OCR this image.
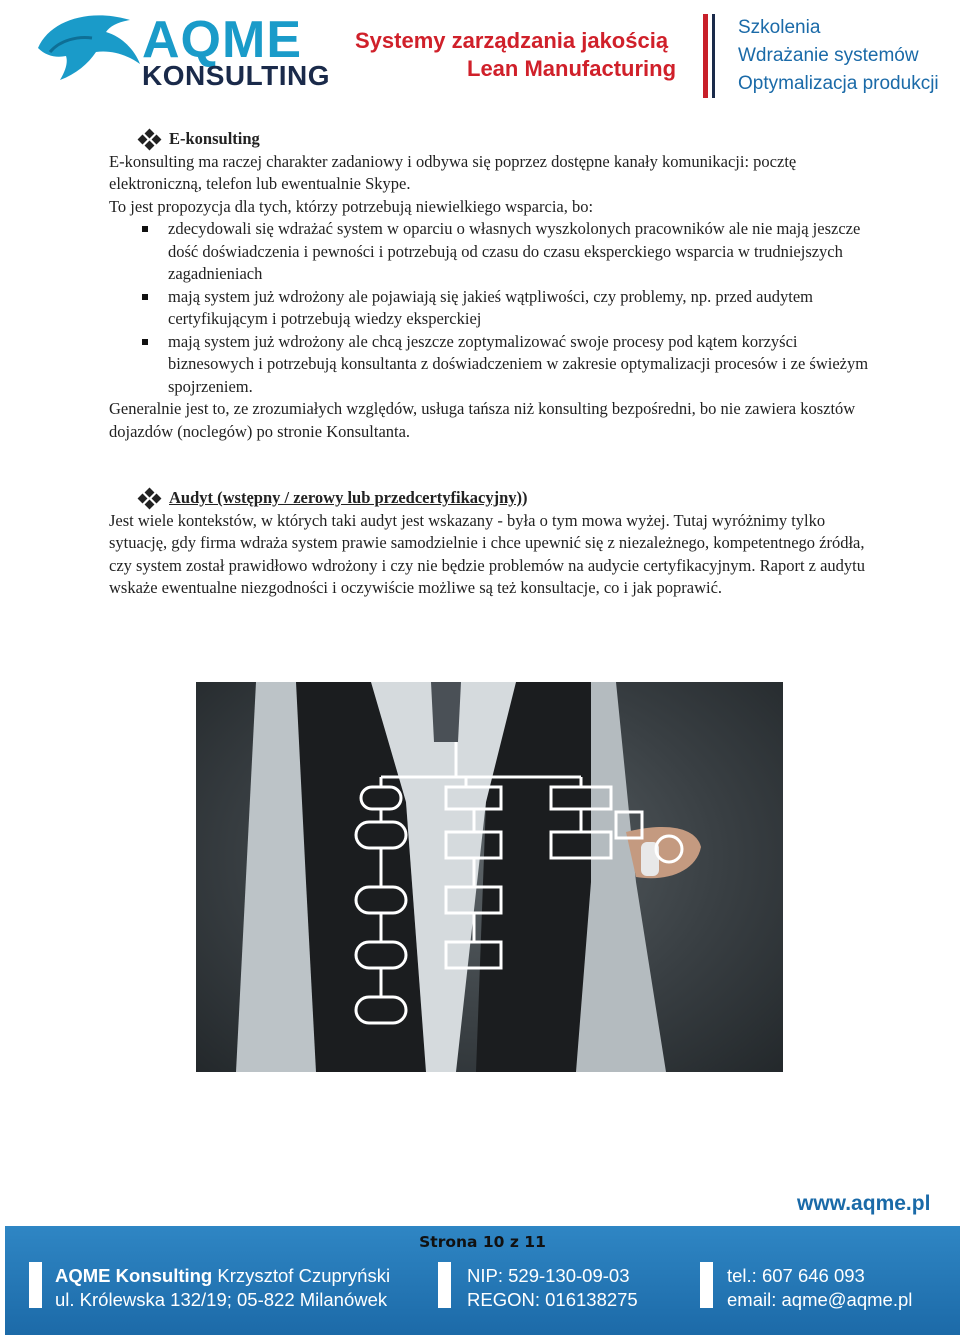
AQME
KONSULTING
Systemy zarządzania jakością
Lean Manufacturing
Szkolenia
Wdrażanie systemów
Optymalizacja produkcji

E-konsulting

E-konsulting ma raczej charakter zadaniowy i odbywa się poprzez dostępne kanały komunikacji: pocztę elektroniczną, telefon lub ewentualnie Skype.

To jest propozycja dla tych, którzy potrzebują niewielkiego wsparcia, bo:

zdecydowali się wdrażać system w oparciu o własnych wyszkolonych pracowników ale nie mają jeszcze dość doświadczenia i pewności i potrzebują od czasu do czasu eksperckiego wsparcia w trudniejszych zagadnieniach
mają system już wdrożony ale pojawiają się jakieś wątpliwości, czy problemy, np. przed audytem certyfikującym i potrzebują wiedzy eksperckiej
mają system już wdrożony ale chcą jeszcze zoptymalizować swoje procesy pod kątem korzyści biznesowych i potrzebują konsultanta z doświadczeniem w zakresie optymalizacji procesów i ze świeżym spojrzeniem.

Generalnie jest to, ze zrozumiałych względów, usługa tańsza niż konsulting bezpośredni, bo nie zawiera kosztów dojazdów (noclegów) po stronie Konsultanta.

Audyt (wstępny / zerowy lub przedcertyfikacyjny) )

Jest wiele kontekstów, w których taki audyt jest wskazany - była o tym mowa wyżej. Tutaj wyróżnimy tylko sytuację, gdy firma wdraża system prawie samodzielnie i chce upewnić się z niezależnego, kompetentnego źródła, czy system został prawidłowo wdrożony i czy nie będzie problemów na audycie certyfikacyjnym. Raport z audytu wskaże ewentualne niezgodności i oczywiście możliwe są też konsultacje, co i jak poprawić.

www.aqme.pl
Strona 10 z 11
AQME Konsulting Krzysztof Czupryński
ul. Królewska 132/19; 05-822 Milanówek
NIP: 529-130-09-03
REGON: 016138275
tel.: 607 646 093
email: aqme@aqme.pl
